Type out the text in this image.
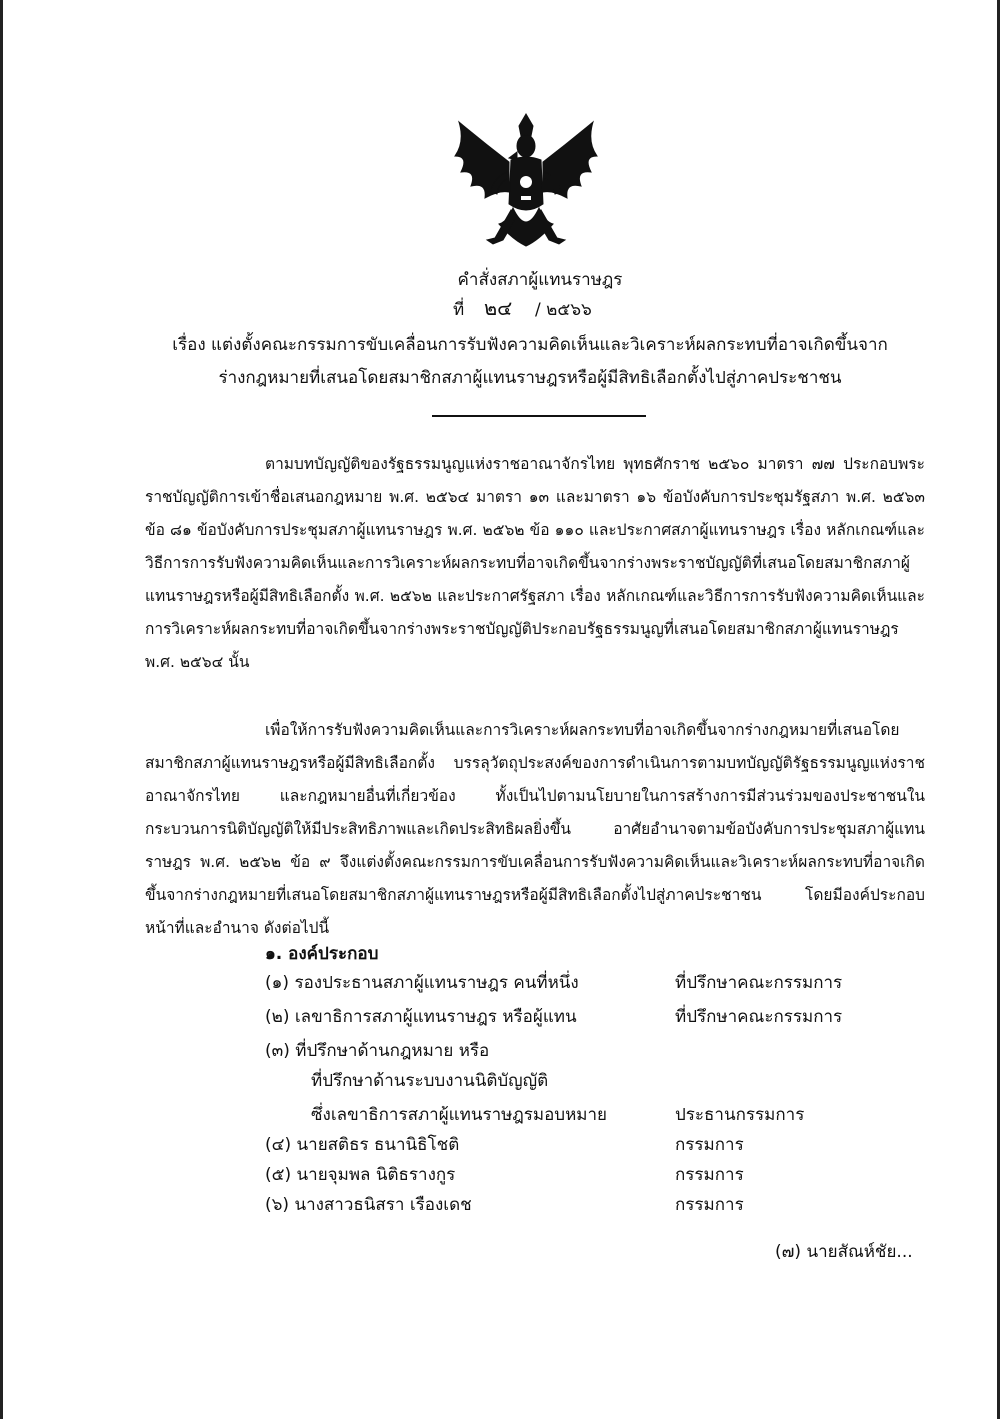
คำสั่งสภาผู้แทนราษฎร
ที่ ๒๔ / ๒๕๖๖
เรื่อง แต่งตั้งคณะกรรมการขับเคลื่อนการรับฟังความคิดเห็นและวิเคราะห์ผลกระทบที่อาจเกิดขึ้นจาก
ร่างกฎหมายที่เสนอโดยสมาชิกสภาผู้แทนราษฎรหรือผู้มีสิทธิเลือกตั้งไปสู่ภาคประชาชน
ตามบทบัญญัติของรัฐธรรมนูญแห่งราชอาณาจักรไทย พุทธศักราช ๒๕๖๐ มาตรา ๗๗ ประกอบพระราชบัญญัติการเข้าชื่อเสนอกฎหมาย พ.ศ. ๒๕๖๔ มาตรา ๑๓ และมาตรา ๑๖ ข้อบังคับการประชุมรัฐสภา พ.ศ. ๒๕๖๓ ข้อ ๘๑ ข้อบังคับการประชุมสภาผู้แทนราษฎร พ.ศ. ๒๕๖๒ ข้อ ๑๑๐ และประกาศสภาผู้แทนราษฎร เรื่อง หลักเกณฑ์และวิธีการการรับฟังความคิดเห็นและการวิเคราะห์ผลกระทบที่อาจเกิดขึ้นจากร่างพระราชบัญญัติที่เสนอโดยสมาชิกสภาผู้แทนราษฎรหรือผู้มีสิทธิเลือกตั้ง พ.ศ. ๒๕๖๒ และประกาศรัฐสภา เรื่อง หลักเกณฑ์และวิธีการการรับฟังความคิดเห็นและการวิเคราะห์ผลกระทบที่อาจเกิดขึ้นจากร่างพระราชบัญญัติประกอบรัฐธรรมนูญที่เสนอโดยสมาชิกสภาผู้แทนราษฎร พ.ศ. ๒๕๖๔ นั้น
เพื่อให้การรับฟังความคิดเห็นและการวิเคราะห์ผลกระทบที่อาจเกิดขึ้นจากร่างกฎหมายที่เสนอโดยสมาชิกสภาผู้แทนราษฎรหรือผู้มีสิทธิเลือกตั้ง บรรลุวัตถุประสงค์ของการดำเนินการตามบทบัญญัติรัฐธรรมนูญแห่งราชอาณาจักรไทย และกฎหมายอื่นที่เกี่ยวข้อง ทั้งเป็นไปตามนโยบายในการสร้างการมีส่วนร่วมของประชาชนในกระบวนการนิติบัญญัติให้มีประสิทธิภาพและเกิดประสิทธิผลยิ่งขึ้น อาศัยอำนาจตามข้อบังคับการประชุมสภาผู้แทนราษฎร พ.ศ. ๒๕๖๒ ข้อ ๙ จึงแต่งตั้งคณะกรรมการขับเคลื่อนการรับฟังความคิดเห็นและวิเคราะห์ผลกระทบที่อาจเกิดขึ้นจากร่างกฎหมายที่เสนอโดยสมาชิกสภาผู้แทนราษฎรหรือผู้มีสิทธิเลือกตั้งไปสู่ภาคประชาชน โดยมีองค์ประกอบ หน้าที่และอำนาจ ดังต่อไปนี้
๑. องค์ประกอบ
(๑) รองประธานสภาผู้แทนราษฎร คนที่หนึ่ง	ที่ปรึกษาคณะกรรมการ
(๒) เลขาธิการสภาผู้แทนราษฎร หรือผู้แทน	ที่ปรึกษาคณะกรรมการ
(๓) ที่ปรึกษาด้านกฎหมาย หรือ
ที่ปรึกษาด้านระบบงานนิติบัญญัติ
ซึ่งเลขาธิการสภาผู้แทนราษฎรมอบหมาย	ประธานกรรมการ
(๔) นายสติธร ธนานิธิโชติ	กรรมการ
(๕) นายจุมพล นิติธรางกูร	กรรมการ
(๖) นางสาวธนิสรา เรืองเดช	กรรมการ
(๗) นายสัณห์ชัย...
